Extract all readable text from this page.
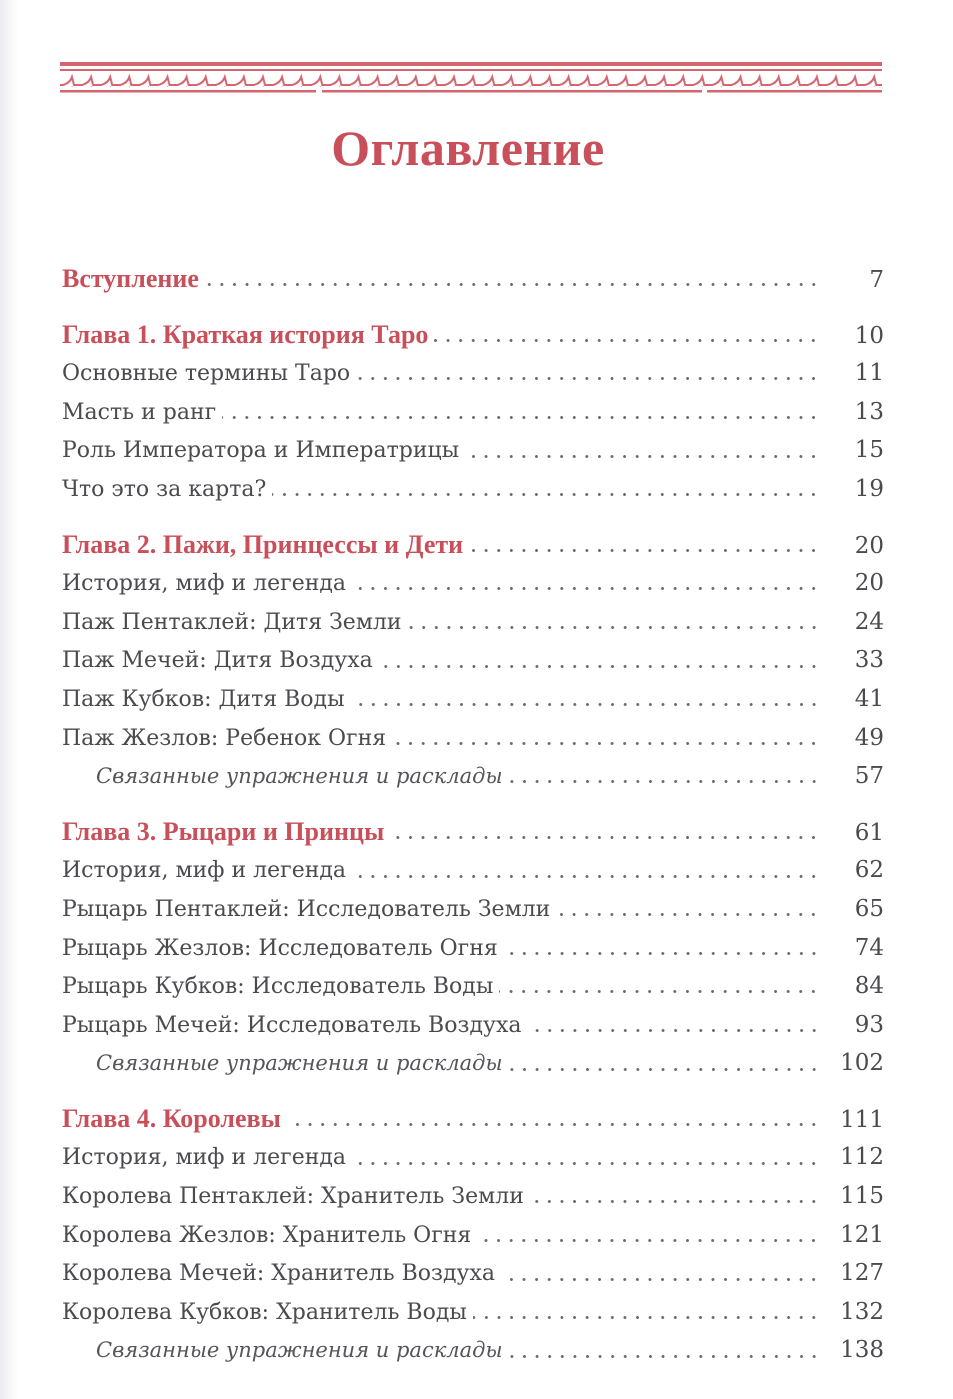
Оглавление
Вступление	7
Глава 1. Краткая история Таро	10
Основные термины Таро	11
Масть и ранг	13
Роль Императора и Императрицы	15
Что это за карта?	19
Глава 2. Пажи, Принцессы и Дети	20
История, миф и легенда	20
Паж Пентаклей: Дитя Земли	24
Паж Мечей: Дитя Воздуха	33
Паж Кубков: Дитя Воды	41
Паж Жезлов: Ребенок Огня	49
Связанные упражнения и расклады	57
Глава 3. Рыцари и Принцы	61
История, миф и легенда	62
Рыцарь Пентаклей: Исследователь Земли	65
Рыцарь Жезлов: Исследователь Огня	74
Рыцарь Кубков: Исследователь Воды	84
Рыцарь Мечей: Исследователь Воздуха	93
Связанные упражнения и расклады	102
Глава 4. Королевы	111
История, миф и легенда	112
Королева Пентаклей: Хранитель Земли	115
Королева Жезлов: Хранитель Огня	121
Королева Мечей: Хранитель Воздуха	127
Королева Кубков: Хранитель Воды	132
Связанные упражнения и расклады	138
